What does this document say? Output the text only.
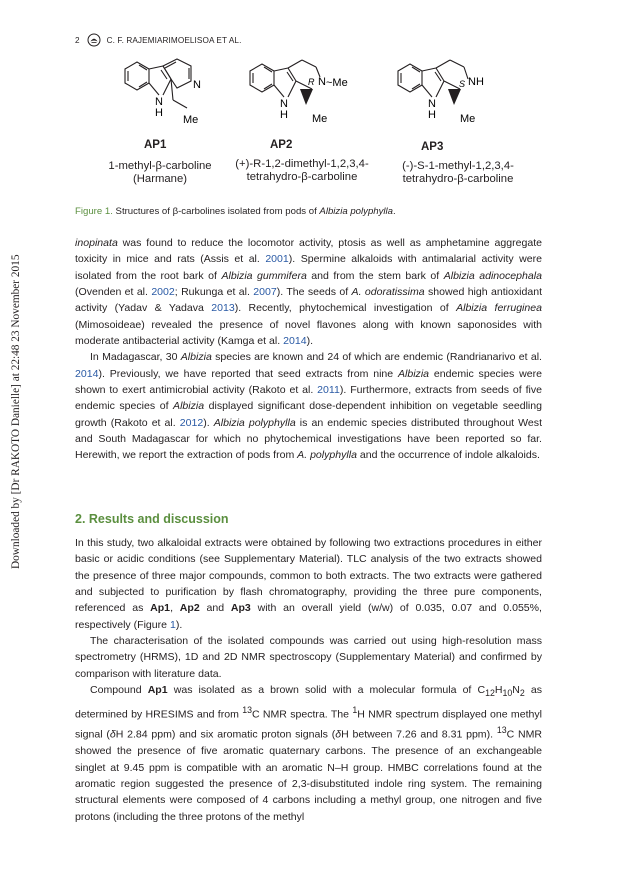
2	C. F. RAJEMIARIMOELISOA ET AL.
Downloaded by [Dr RAKOTO Danielle] at 22:48 23 November 2015
N
H
N
Me
AP1
1-methyl-β-carboline
(Harmane)
N
H
R N ~Me
Me
AP2
(+)-R-1,2-dimethyl-1,2,3,4-
tetrahydro-β-carboline
N
H
S NH
Me
AP3
(-)-S-1-methyl-1,2,3,4-
tetrahydro-β-carboline
Figure 1. Structures of β-carbolines isolated from pods of Albizia polyphylla.

inopinata was found to reduce the locomotor activity, ptosis as well as amphetamine aggregate toxicity in mice and rats (Assis et al. 2001). Spermine alkaloids with antimalarial activity were isolated from the root bark of Albizia gummifera and from the stem bark of Albizia adinocephala (Ovenden et al. 2002; Rukunga et al. 2007). The seeds of A. odoratissima showed high antioxidant activity (Yadav & Yadava 2013). Recently, phytochemical investigation of Albizia ferruginea (Mimosoideae) revealed the presence of novel flavones along with known saponosides with moderate antibacterial activity (Kamga et al. 2014).

In Madagascar, 30 Albizia species are known and 24 of which are endemic (Randrianarivo et al. 2014). Previously, we have reported that seed extracts from nine Albizia endemic species were shown to exert antimicrobial activity (Rakoto et al. 2011). Furthermore, extracts from seeds of five endemic species of Albizia displayed significant dose-dependent inhibition on vegetable seedling growth (Rakoto et al. 2012). Albizia polyphylla is an endemic species distributed throughout West and South Madagascar for which no phytochemical investigations have been reported so far. Herewith, we report the extraction of pods from A. polyphylla and the occurrence of indole alkaloids.

2. Results and discussion

In this study, two alkaloidal extracts were obtained by following two extractions procedures in either basic or acidic conditions (see Supplementary Material). TLC analysis of the two extracts showed the presence of three major compounds, common to both extracts. The two extracts were gathered and subjected to purification by flash chromatography, providing the three pure components, referenced as Ap1, Ap2 and Ap3 with an overall yield (w/w) of 0.035, 0.07 and 0.055%, respectively (Figure 1).

The characterisation of the isolated compounds was carried out using high-resolution mass spectrometry (HRMS), 1D and 2D NMR spectroscopy (Supplementary Material) and confirmed by comparison with literature data.

Compound Ap1 was isolated as a brown solid with a molecular formula of $C_{12}H_{10}N_2$ as determined by HRESIMS and from $^{13}$C NMR spectra. The $^1$H NMR spectrum displayed one methyl signal (δH 2.84 ppm) and six aromatic proton signals (δH between 7.26 and 8.31 ppm). $^{13}$C NMR showed the presence of five aromatic quaternary carbons. The presence of an exchangeable singlet at 9.45 ppm is compatible with an aromatic N–H group. HMBC correlations found at the aromatic region suggested the presence of 2,3-disubstituted indole ring system. The remaining structural elements were composed of 4 carbons including a methyl group, one nitrogen and five protons (including the three protons of the methyl
